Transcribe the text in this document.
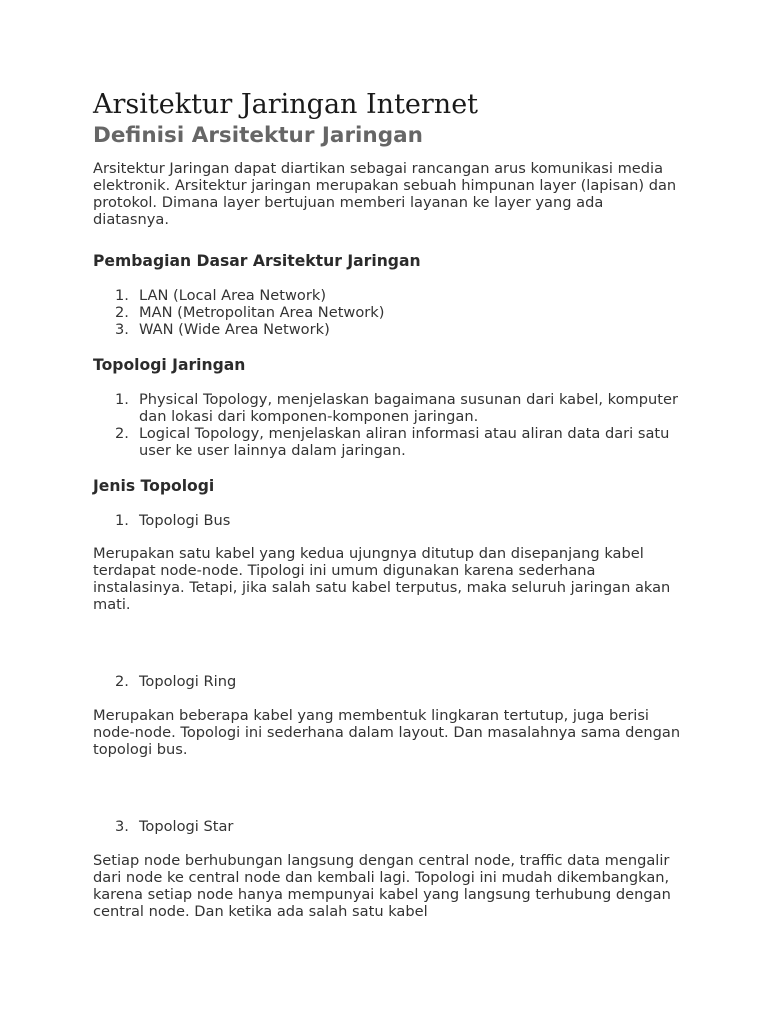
Arsitektur Jaringan Internet
Definisi Arsitektur Jaringan

Arsitektur Jaringan dapat diartikan sebagai rancangan arus komunikasi media elektronik. Arsitektur jaringan merupakan sebuah himpunan layer (lapisan) dan protokol. Dimana layer bertujuan memberi layanan ke layer yang ada diatasnya.

Pembagian Dasar Arsitektur Jaringan
1. LAN (Local Area Network)
2. MAN (Metropolitan Area Network)
3. WAN (Wide Area Network)
Topologi Jaringan
1. Physical Topology, menjelaskan bagaimana susunan dari kabel, komputer dan lokasi dari komponen-komponen jaringan.
2. Logical Topology, menjelaskan aliran informasi atau aliran data dari satu user ke user lainnya dalam jaringan.
Jenis Topologi
1. Topologi Bus

Merupakan satu kabel yang kedua ujungnya ditutup dan disepanjang kabel terdapat node-node. Tipologi ini umum digunakan karena sederhana instalasinya. Tetapi, jika salah satu kabel terputus, maka seluruh jaringan akan mati.

2. Topologi Ring

Merupakan beberapa kabel yang membentuk lingkaran tertutup, juga berisi node-node. Topologi ini sederhana dalam layout. Dan masalahnya sama dengan topologi bus.

3. Topologi Star

Setiap node berhubungan langsung dengan central node, traffic data mengalir dari node ke central node dan kembali lagi. Topologi ini mudah dikembangkan, karena setiap node hanya mempunyai kabel yang langsung terhubung dengan central node. Dan ketika ada salah satu kabel
